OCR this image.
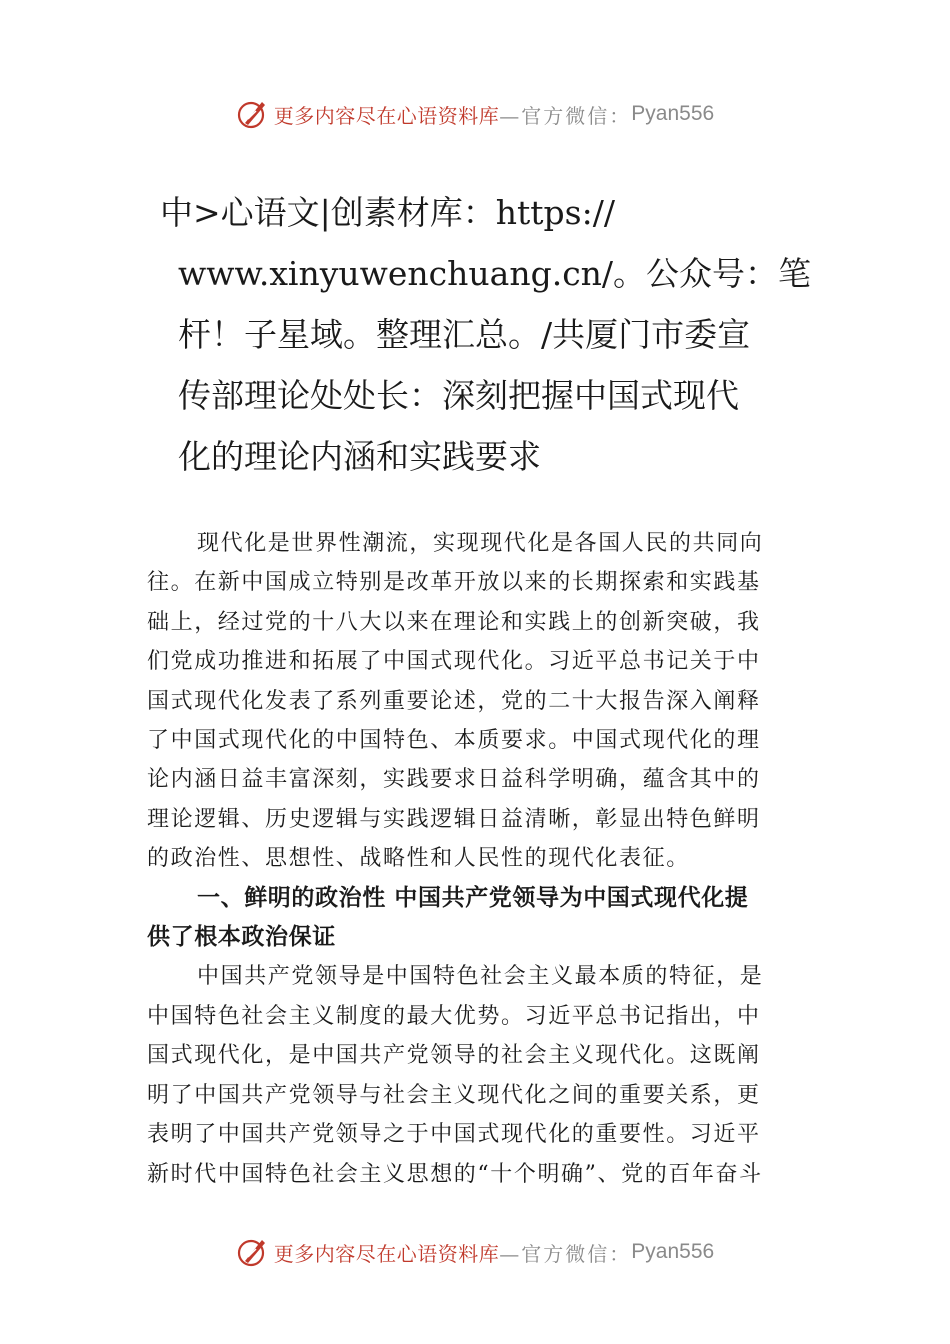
更多内容尽在心语资料库 —官方微信： Pyan556
中>心语文|创素材库：https://
www.xinyuwenchuang.cn/。公众号：笔
杆！子星域。整理汇总。/共厦门市委宣
传部理论处处长：深刻把握中国式现代
化的理论内涵和实践要求
现代化是世界性潮流，实现现代化是各国人民的共同向
往。在新中国成立特别是改革开放以来的长期探索和实践基
础上，经过党的十八大以来在理论和实践上的创新突破，我
们党成功推进和拓展了中国式现代化。习近平总书记关于中
国式现代化发表了系列重要论述，党的二十大报告深入阐释
了中国式现代化的中国特色、本质要求。中国式现代化的理
论内涵日益丰富深刻，实践要求日益科学明确，蕴含其中的
理论逻辑、历史逻辑与实践逻辑日益清晰，彰显出特色鲜明
的政治性、思想性、战略性和人民性的现代化表征。
一、鲜明的政治性 中国共产党领导为中国式现代化提
供了根本政治保证
中国共产党领导是中国特色社会主义最本质的特征，是
中国特色社会主义制度的最大优势。习近平总书记指出，中
国式现代化，是中国共产党领导的社会主义现代化。这既阐
明了中国共产党领导与社会主义现代化之间的重要关系，更
表明了中国共产党领导之于中国式现代化的重要性。习近平
新时代中国特色社会主义思想的“十个明确”、党的百年奋斗
更多内容尽在心语资料库 —官方微信： Pyan556
